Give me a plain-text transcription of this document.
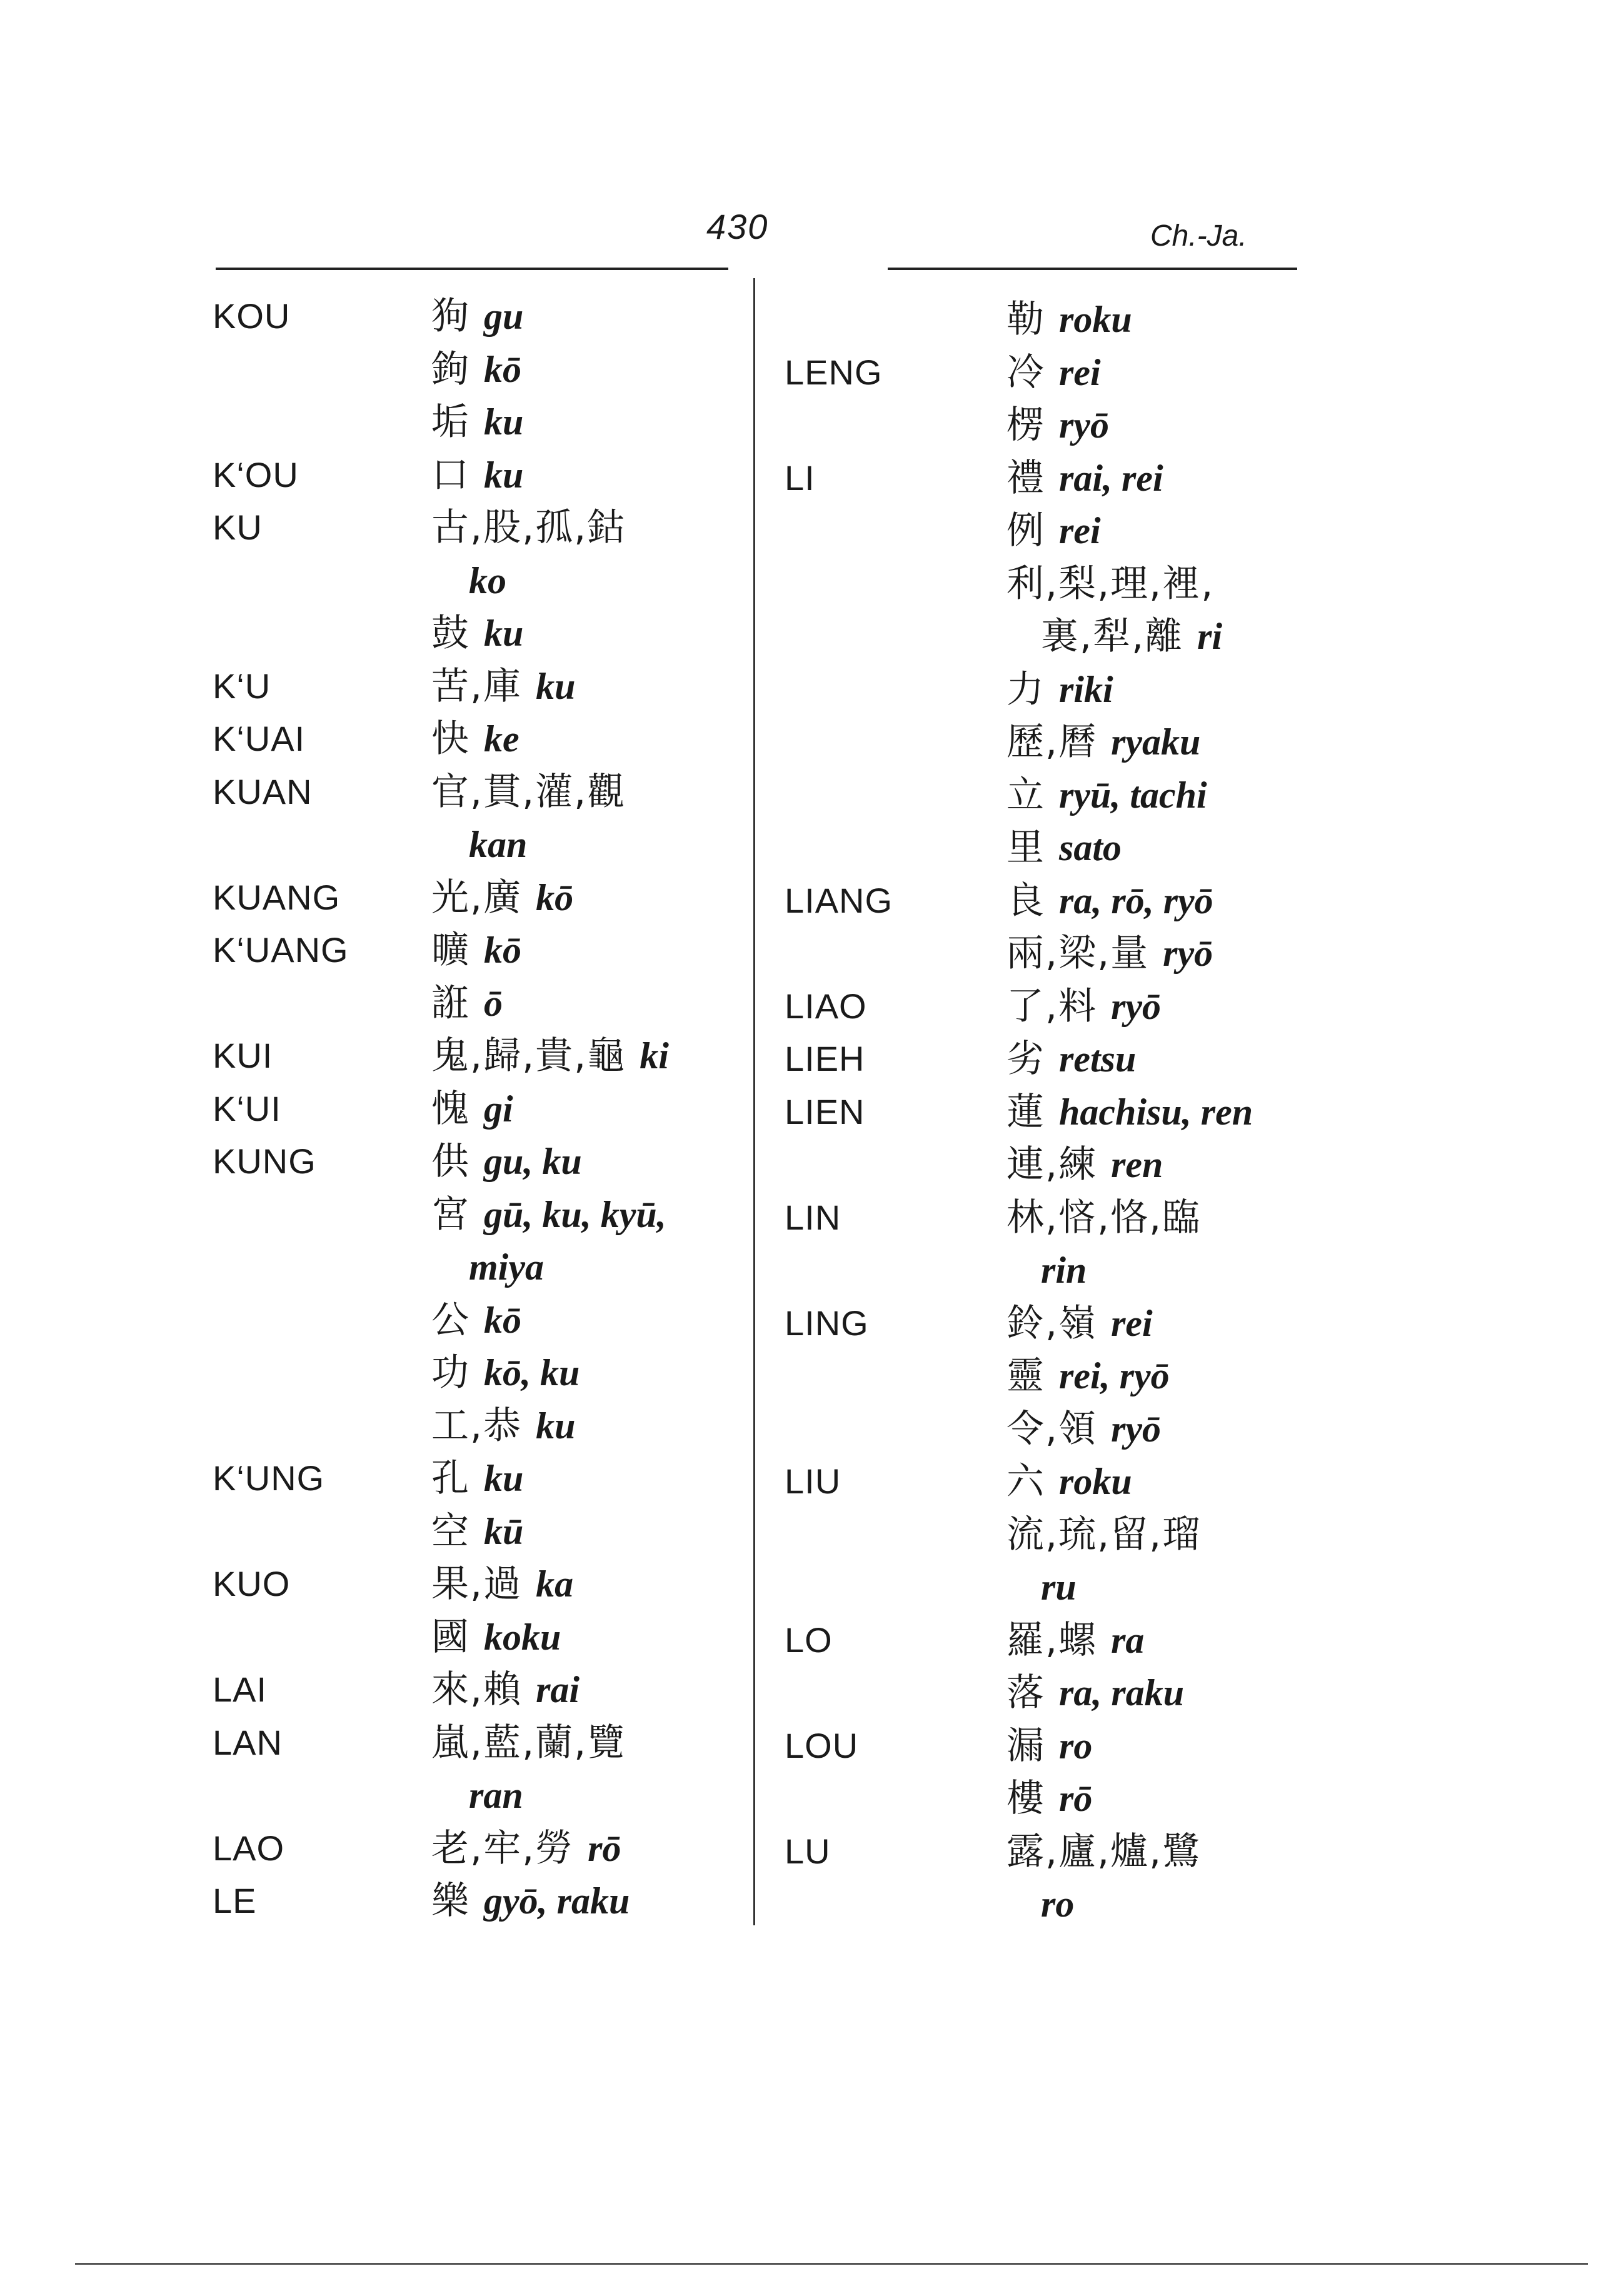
430	Ch.-Ja.
KOU	狗 gu
鉤 kō
垢 ku
K‘OU	口 ku
KU	古,股,孤,鈷
ko
鼓 ku
K‘U	苦,庫 ku
K‘UAI	快 ke
KUAN	官,貫,灌,觀
kan
KUANG 光,廣 kō
K‘UANG 曠 kō
誑 ō
KUI	鬼,歸,貴,龜 ki
K‘UI	愧 gi
KUNG	供 gu, ku
宮 gū, ku, kyū,
miya
公 kō
功 kō, ku
工,恭 ku
K‘UNG	孔 ku
空 kū
KUO	果,過 ka
國 koku
LAI	來,賴 rai
LAN	嵐,藍,蘭,覽
ran
LAO	老,牢,勞 rō
LE	樂 gyō, raku
勒 roku
LENG	冷 rei
楞 ryō
LI	禮 rai, rei
例 rei
利,梨,理,裡,
裏,犁,離 ri
力 riki
歷,曆 ryaku
立 ryū, tachi
里 sato
LIANG	良 ra, rō, ryō
兩,梁,量 ryō
LIAO	了,料 ryō
LIEH	劣 retsu
LIEN	蓮 hachisu, ren
連,練 ren
LIN	林,悋,恪,臨
rin
LING	鈴,嶺 rei
靈 rei, ryō
令,領 ryō
LIU	六 roku
流,琉,留,瑠
ru
LO	羅,螺 ra
落 ra, raku
LOU	漏 ro
樓 rō
LU	露,廬,爐,鷺
ro
